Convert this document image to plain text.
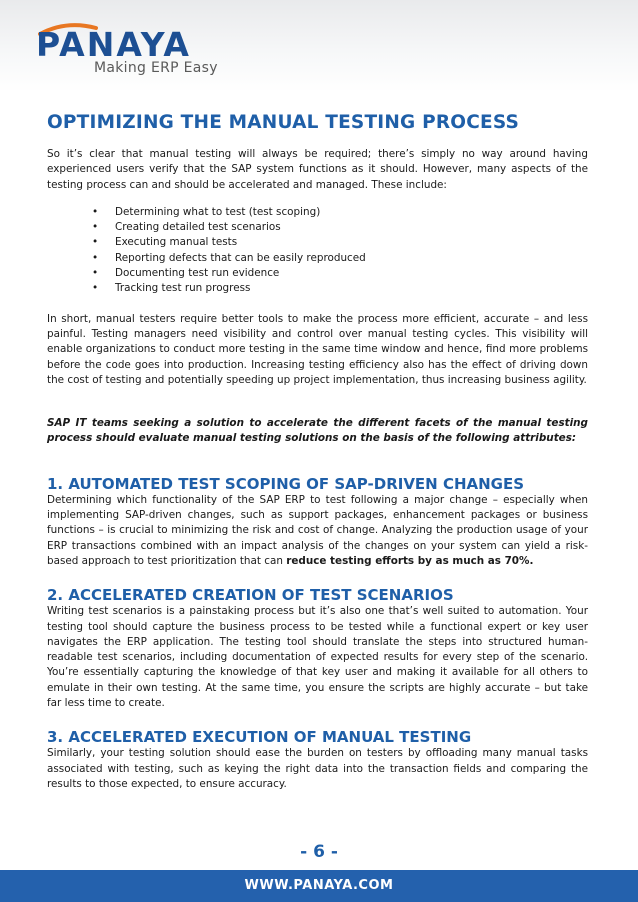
PANAYA
Making ERP Easy
OPTIMIZING THE MANUAL TESTING PROCESS

So it’s clear that manual testing will always be required; there’s simply no way around having experienced users verify that the SAP system functions as it should. However, many aspects of the testing process can and should be accelerated and managed. These include:

• Determining what to test (test scoping)
• Creating detailed test scenarios
• Executing manual tests
• Reporting defects that can be easily reproduced
• Documenting test run evidence
• Tracking test run progress

In short, manual testers require better tools to make the process more efficient, accurate – and less painful. Testing managers need visibility and control over manual testing cycles. This visibility will enable organizations to conduct more testing in the same time window and hence, find more problems before the code goes into production. Increasing testing efficiency also has the effect of driving down the cost of testing and potentially speeding up project implementation, thus increasing business agility.

SAP IT teams seeking a solution to accelerate the different facets of the manual testing process should evaluate manual testing solutions on the basis of the following attributes:

1. AUTOMATED TEST SCOPING OF SAP-DRIVEN CHANGES

Determining which functionality of the SAP ERP to test following a major change – especially when implementing SAP-driven changes, such as support packages, enhancement packages or business functions – is crucial to minimizing the risk and cost of change. Analyzing the production usage of your ERP transactions combined with an impact analysis of the changes on your system can yield a risk-based approach to test prioritization that can reduce testing efforts by as much as 70%.

2. ACCELERATED CREATION OF TEST SCENARIOS

Writing test scenarios is a painstaking process but it’s also one that’s well suited to automation. Your testing tool should capture the business process to be tested while a functional expert or key user navigates the ERP application. The testing tool should translate the steps into structured human-readable test scenarios, including documentation of expected results for every step of the scenario. You’re essentially capturing the knowledge of that key user and making it available for all others to emulate in their own testing. At the same time, you ensure the scripts are highly accurate – but take far less time to create.

3. ACCELERATED EXECUTION OF MANUAL TESTING

Similarly, your testing solution should ease the burden on testers by offloading many manual tasks associated with testing, such as keying the right data into the transaction fields and comparing the results to those expected, to ensure accuracy.

- 6 -
WWW.PANAYA.COM
